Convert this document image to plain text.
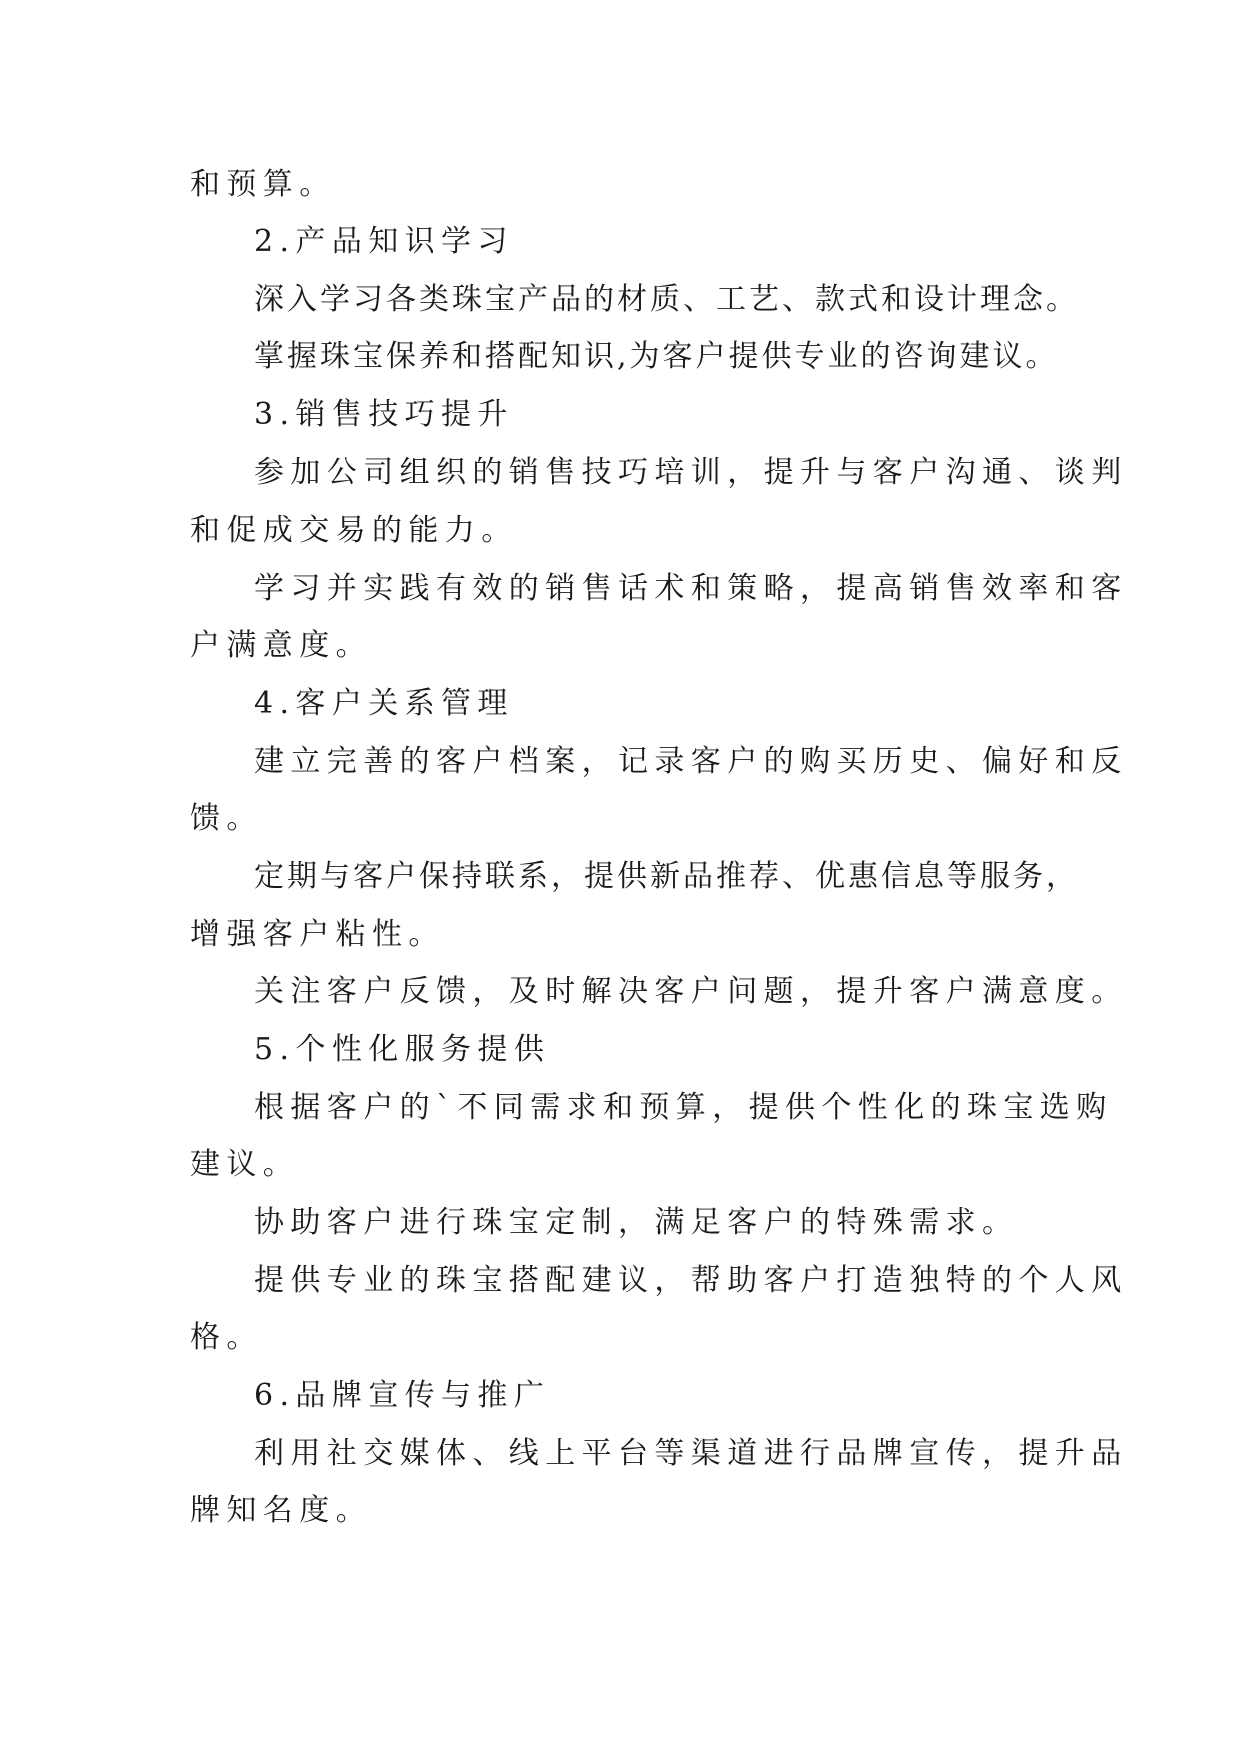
和预算。
2.产品知识学习
深入学习各类珠宝产品的材质、工艺、款式和设计理念。
掌握珠宝保养和搭配知识,为客户提供专业的咨询建议。
3.销售技巧提升
参加公司组织的销售技巧培训，提升与客户沟通、谈判
和促成交易的能力。
学习并实践有效的销售话术和策略，提高销售效率和客
户满意度。
4.客户关系管理
建立完善的客户档案，记录客户的购买历史、偏好和反
馈。
定期与客户保持联系，提供新品推荐、优惠信息等服务，
增强客户粘性。
关注客户反馈，及时解决客户问题，提升客户满意度。
5.个性化服务提供
根据客户的`不同需求和预算，提供个性化的珠宝选购
建议。
协助客户进行珠宝定制，满足客户的特殊需求。
提供专业的珠宝搭配建议，帮助客户打造独特的个人风
格。
6.品牌宣传与推广
利用社交媒体、线上平台等渠道进行品牌宣传，提升品
牌知名度。
